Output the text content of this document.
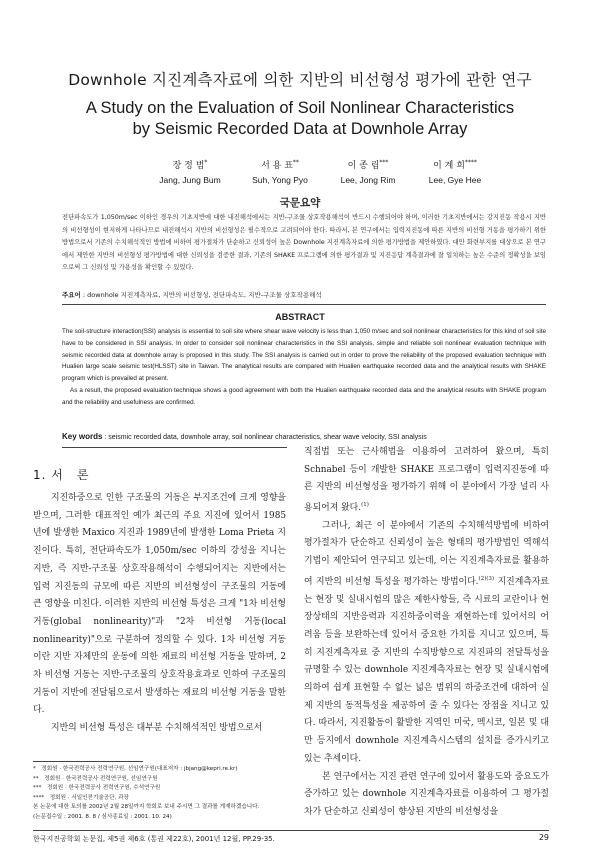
Downhole 지진계측자료에 의한 지반의 비선형성 평가에 관한 연구
A Study on the Evaluation of Soil Nonlinear Characteristics
by Seismic Recorded Data at Downhole Array
장 정 범*
Jang, Jung Bum
서 용 표**
Suh, Yong Pyo
이 종 림***
Lee, Jong Rim
이 계 희****
Lee, Gye Hee
국문요약
전단파속도가 1,050m/sec 이하인 경우의 기초지반에 대한 내진해석에서는 지반-구조물 상호작용해석이 반드시 수행되어야 하며, 이러한 기초지반에서는 강지진동 작용시 지반의 비선형성이 현저하게 나타나므로 내진해석시 지반의 비선형성은 필수적으로 고려되어야 한다. 따라서, 본 연구에서는 입력지진동에 따른 지반의 비선형 거동을 평가하기 위한 방법으로서 기존의 수치해석적인 방법에 비하여 평가절차가 단순하고 신뢰성이 높은 Downhole 지진계측자료에 의한 평가방법을 제안하였다. 대만 화련부지를 대상으로 본 연구에서 제안한 지반의 비선형성 평가방법에 대한 신뢰성을 검증한 결과, 기존의 SHAKE 프로그램에 의한 평가결과 및 지진응답 계측결과에 잘 일치하는 높은 수준의 정확성을 보임으로써 그 신뢰성 및 가용성을 확인할 수 있었다.
주요어 : downhole 지진계측자료, 지반의 비선형성, 전단파속도, 지반-구조물 상호작용해석
ABSTRACT

The soil-structure interaction(SSI) analysis is essential to soil site where shear wave velocity is less than 1,050 m/sec and soil nonlinear characteristics for this kind of soil site have to be considered in SSI analysis. In order to consider soil nonlinear characteristics in the SSI analysis, simple and reliable soil nonlinear evaluation technique with seismic recorded data at downhole array is proposed in this study. The SSI analysis is carried out in order to prove the reliability of the proposed evaluation technique with Hualien large scale seismic test(HLSST) site in Taiwan. The analytical results are compared with Hualien earthquake recorded data and the analytical results with SHAKE program which is prevailed at present.

As a result, the proposed evaluation technique shows a good agreement with both the Hualien earthquake recorded data and the analytical results with SHAKE program and the reliability and usefulness are confirmed.

Key words : seismic recorded data, downhole array, soil nonlinear characteristics, shear wave velocity, SSI analysis
1. 서　론

지진하중으로 인한 구조물의 거동은 부지조건에 크게 영향을 받으며, 그러한 대표적인 예가 최근의 주요 지진에 있어서 1985년에 발생한 Maxico 지진과 1989년에 발생한 Loma Prieta 지진이다. 특히, 전단파속도가 1,050m/sec 이하의 강성을 지니는 지반, 즉 지반-구조물 상호작용해석이 수행되어지는 지반에서는 입력 지진동의 규모에 따른 지반의 비선형성이 구조물의 거동에 큰 영향을 미친다. 이러한 지반의 비선형 특성은 크게 "1차 비선형 거동(global nonlinearity)"과 "2차 비선형 거동(local nonlinearity)"으로 구분하여 정의할 수 있다. 1차 비선형 거동이란 지반 자체만의 운동에 의한 재료의 비선형 거동을 말하며, 2차 비선형 거동는 지반-구조물의 상호작용효과로 인하여 구조물의 거동이 지반에 전달됨으로서 발생하는 재료의 비선형 거동을 말한다.

지반의 비선형 특성은 대부분 수치해석적인 방법으로서

*　정회원 · 한국전력공사 전력연구원, 선임연구원(대표저자 : jbjang@kepri.re.kr)
**　정회원 · 한국전력공사 전력연구원, 선임연구원
***　정회원 · 한국전력공사 전력연구원, 수석연구원
****　정회원 · 서일인전기술공단, 과장
본 논문에 대한 토의를 2002년 2월 28일까지 학회로 보내 주시면 그 결과를 게재하겠습니다.
(논문접수일 : 2001. 8. 8 / 심사종료일 : 2001. 10. 24)

직접법 또는 근사해법을 이용하여 고려하여 왔으며, 특히 Schnabel 등이 개발한 SHAKE 프로그램이 입력지진동에 따른 지반의 비선형성을 평가하기 위해 이 분야에서 가장 널리 사용되어져 왔다.$^{(1)}$

그러나, 최근 이 분야에서 기존의 수치해석방법에 비하여 평가절차가 단순하고 신뢰성이 높은 형태의 평가방법인 역해석 기법이 제안되어 연구되고 있는데, 이는 지진계측자료를 활용하여 지반의 비선형 특성을 평가하는 방법이다.$^{(2)(3)}$ 지진계측자료는 현장 및 실내시험의 많은 제한사항들, 즉 시료의 교란이나 현장상태의 지반응력과 지진하중이력을 재현하는데 있어서의 어려움 등을 보완하는데 있어서 중요한 가치를 지니고 있으며, 특히 지진계측자료 중 지반의 수직방향으로 지진파의 전달특성을 규명할 수 있는 downhole 지진계측자료는 현장 및 실내시험에 의하여 쉽게 표현할 수 없는 넓은 범위의 하중조건에 대하여 실제 지반의 동적특성을 제공하여 줄 수 있다는 장점을 지니고 있다. 따라서, 지진활동이 활발한 지역인 미국, 멕시코, 일본 및 대만 등지에서 downhole 지진계측시스템의 설치를 증가시키고 있는 추세이다.

본 연구에서는 지진 관련 연구에 있어서 활용도와 중요도가 증가하고 있는 downhole 지진계측자료를 이용하여 그 평가절차가 단순하고 신뢰성이 향상된 지반의 비선형성을

한국지진공학회 논문집, 제5권 제6호 (통권 제22호), 2001년 12월, PP.29-35.	29
